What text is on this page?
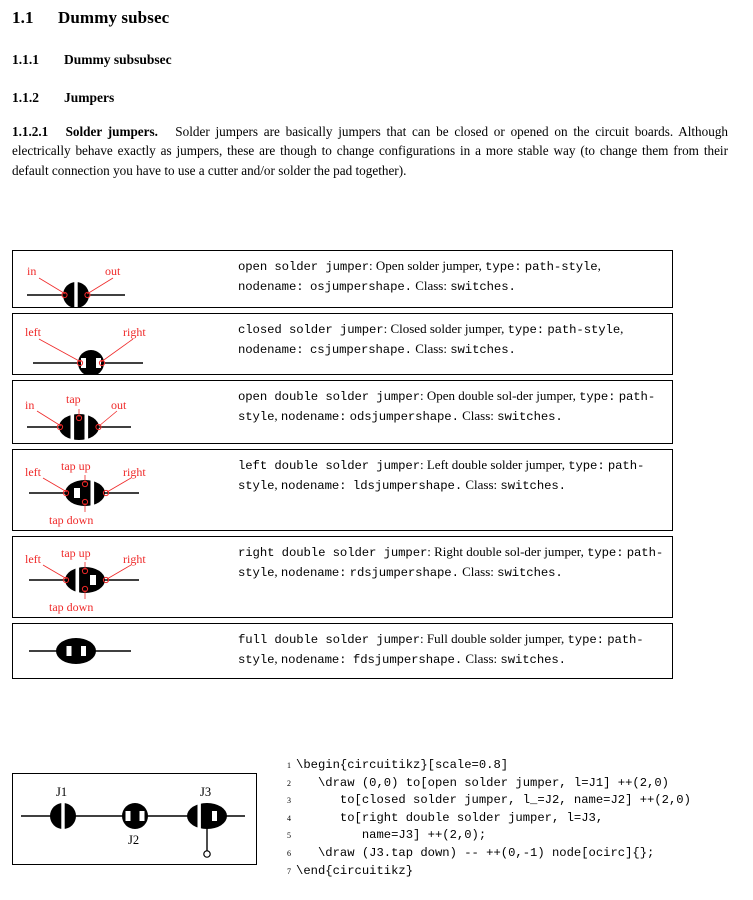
1.1 Dummy subsec
1.1.1 Dummy subsubsec
1.1.2 Jumpers
1.1.2.1 Solder jumpers. Solder jumpers are basically jumpers that can be closed or opened on the circuit boards. Although electrically behave exactly as jumpers, these are though to change configurations in a more stable way (to change them from their default connection you have to use a cutter and/or solder the pad together).
in	out	open solder jumper: Open solder jumper, type: path-style, nodename: osjumpershape. Class: switches.
left	right	closed solder jumper: Closed solder jumper, type: path-style, nodename: csjumpershape. Class: switches.
in	tap	out
open double solder jumper: Open double sol-der jumper, type: path-style, nodename: odsjumpershape. Class: switches.
left tap up	right
tap down
left double solder jumper: Left double solder jumper, type: path-style, nodename: ldsjumpershape. Class: switches.
left tap up	right
tap down
right double solder jumper: Right double sol-der jumper, type: path-style, nodename: rdsjumpershape. Class: switches.
full double solder jumper: Full double solder jumper, type: path-style, nodename: fdsjumpershape. Class: switches.
J1
J2
J3
1 \begin{circuitikz}[scale=0.8]
2 \draw (0,0) to[open solder jumper, l=J1] ++(2,0)
3 to[closed solder jumper, l_=J2, name=J2] ++(2,0)
4 to[right double solder jumper, l=J3,
5 name=J3] ++(2,0);
6 \draw (J3.tap down) -- ++(0,-1) node[ocirc]{};
7 \end{circuitikz}
